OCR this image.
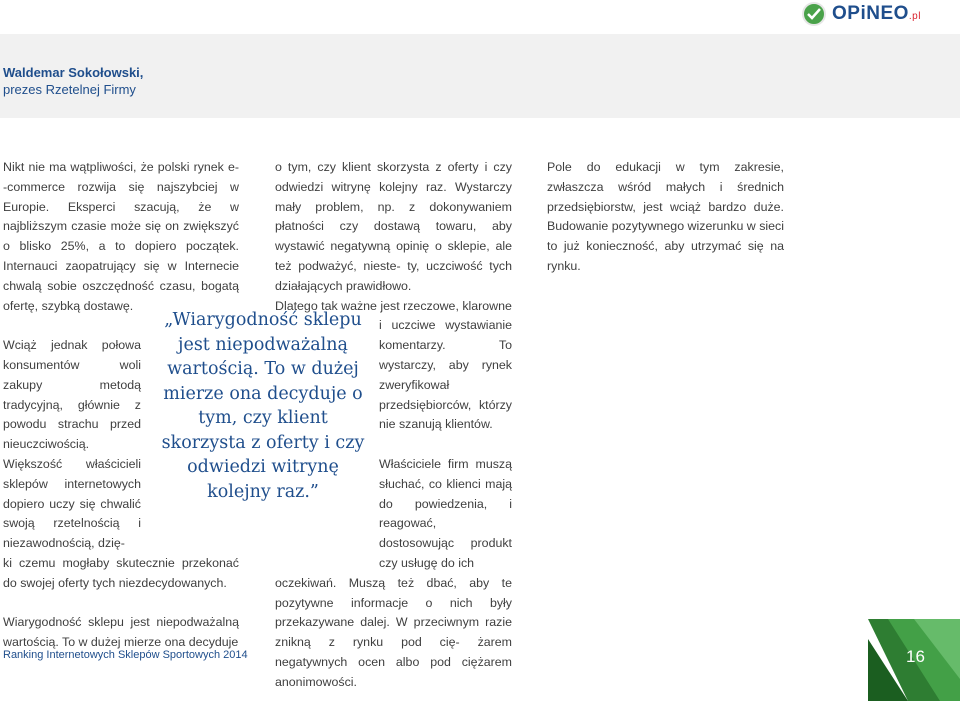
OPiNEO.pl
Waldemar Sokołowski,
prezes Rzetelnej Firmy

Nikt nie ma wątpliwości, że polski rynek e- -commerce rozwija się najszybciej w Europie. Eksperci szacują, że w najbliższym czasie może się on zwiększyć o blisko 25%, a to dopiero początek. Internauci zaopatrujący się w Internecie chwalą sobie oszczędność czasu, bogatą ofertę, szybką dostawę.

Wciąż jednak połowa konsumentów woli zakupy metodą tradycyjną, głównie z powodu strachu przed nieuczciwością. Większość właścicieli sklepów internetowych dopiero uczy się chwalić swoją rzetelnością i niezawodnością, dzię-

ki czemu mogłaby skutecznie przekonać do swojej oferty tych niezdecydowanych.

Wiarygodność sklepu jest niepodważalną wartością. To w dużej mierze ona decyduje

„Wiarygodność sklepu jest niepodważalną wartością. To w dużej mierze ona decyduje o tym, czy klient skorzysta z oferty i czy odwiedzi witrynę kolejny raz.”

o tym, czy klient skorzysta z oferty i czy odwiedzi witrynę kolejny raz. Wystarczy mały problem, np. z dokonywaniem płatności czy dostawą towaru, aby wystawić negatywną opinię o sklepie, ale też podważyć, nieste- ty, uczciwość tych działających prawidłowo.

Dlatego tak ważne jest rzeczowe, klarowne

i uczciwe wystawianie komentarzy. To wystarczy, aby rynek zweryfikował przedsiębiorców, którzy nie szanują klientów.

Właściciele firm muszą słuchać, co klienci mają do powiedzenia, i reagować, dostosowując produkt czy usługę do ich

oczekiwań. Muszą też dbać, aby te pozytywne informacje o nich były przekazywane dalej. W przeciwnym razie znikną z rynku pod cię- żarem negatywnych ocen albo pod ciężarem anonimowości.

Pole do edukacji w tym zakresie, zwłaszcza wśród małych i średnich przedsiębiorstw, jest wciąż bardzo duże. Budowanie pozytywnego wizerunku w sieci to już konieczność, aby utrzymać się na rynku.

Ranking Internetowych Sklepów Sportowych 2014	16
